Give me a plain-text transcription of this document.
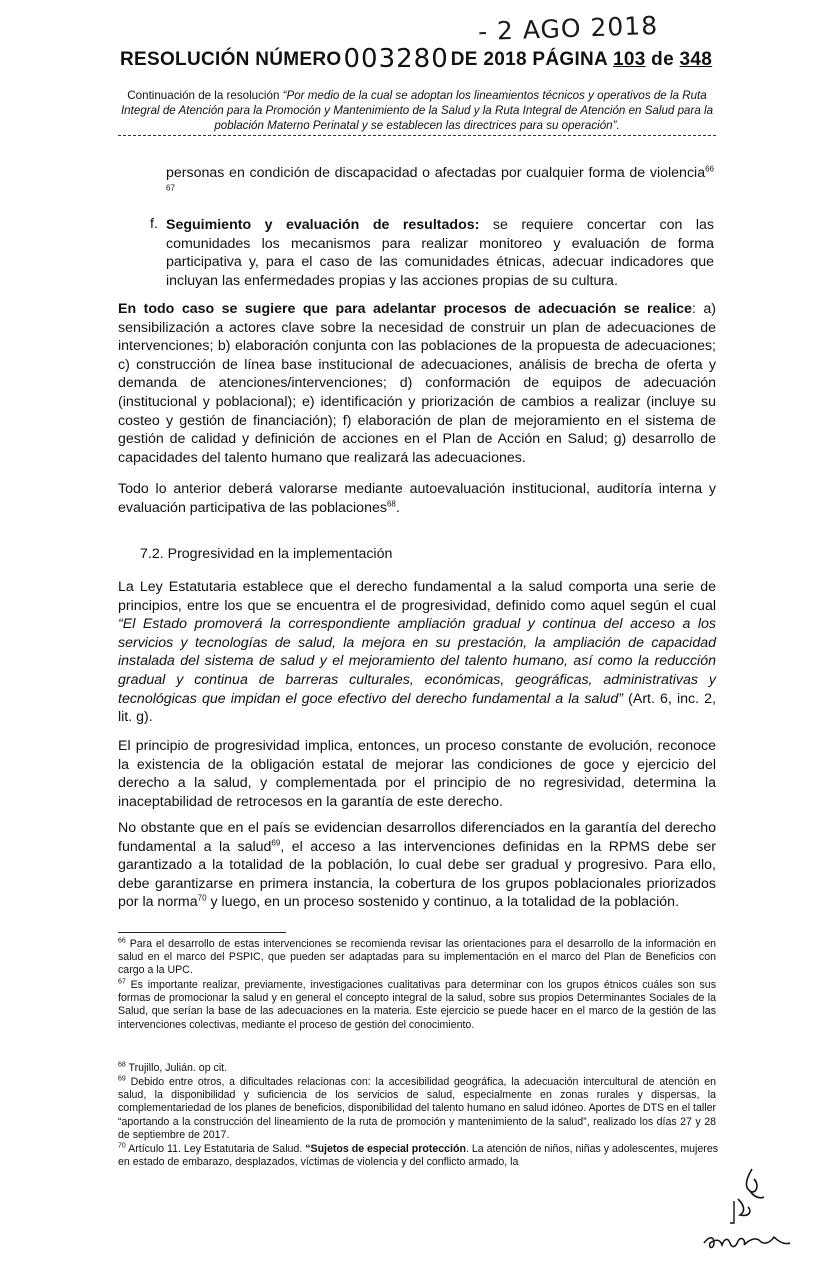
- 2 AGO 2018
RESOLUCIÓN NÚMERO003280 DE 2018 PÁGINA 103 de 348
Continuación de la resolución “Por medio de la cual se adoptan los lineamientos técnicos y operativos de la Ruta Integral de Atención para la Promoción y Mantenimiento de la Salud y la Ruta Integral de Atención en Salud para la población Materno Perinatal y se establecen las directrices para su operación”.

personas en condición de discapacidad o afectadas por cualquier forma de violencia$^{66 67}$

f. Seguimiento y evaluación de resultados: se requiere concertar con las comunidades los mecanismos para realizar monitoreo y evaluación de forma participativa y, para el caso de las comunidades étnicas, adecuar indicadores que incluyan las enfermedades propias y las acciones propias de su cultura.

En todo caso se sugiere que para adelantar procesos de adecuación se realice: a) sensibilización a actores clave sobre la necesidad de construir un plan de adecuaciones de intervenciones; b) elaboración conjunta con las poblaciones de la propuesta de adecuaciones; c) construcción de línea base institucional de adecuaciones, análisis de brecha de oferta y demanda de atenciones/intervenciones; d) conformación de equipos de adecuación (institucional y poblacional); e) identificación y priorización de cambios a realizar (incluye su costeo y gestión de financiación); f) elaboración de plan de mejoramiento en el sistema de gestión de calidad y definición de acciones en el Plan de Acción en Salud; g) desarrollo de capacidades del talento humano que realizará las adecuaciones.

Todo lo anterior deberá valorarse mediante autoevaluación institucional, auditoría interna y evaluación participativa de las poblaciones$^{68}$.

7.2. Progresividad en la implementación

La Ley Estatutaria establece que el derecho fundamental a la salud comporta una serie de principios, entre los que se encuentra el de progresividad, definido como aquel según el cual “El Estado promoverá la correspondiente ampliación gradual y continua del acceso a los servicios y tecnologías de salud, la mejora en su prestación, la ampliación de capacidad instalada del sistema de salud y el mejoramiento del talento humano, así como la reducción gradual y continua de barreras culturales, económicas, geográficas, administrativas y tecnológicas que impidan el goce efectivo del derecho fundamental a la salud” (Art. 6, inc. 2, lit. g).

El principio de progresividad implica, entonces, un proceso constante de evolución, reconoce la existencia de la obligación estatal de mejorar las condiciones de goce y ejercicio del derecho a la salud, y complementada por el principio de no regresividad, determina la inaceptabilidad de retrocesos en la garantía de este derecho.

No obstante que en el país se evidencian desarrollos diferenciados en la garantía del derecho fundamental a la salud$^{69}$, el acceso a las intervenciones definidas en la RPMS debe ser garantizado a la totalidad de la población, lo cual debe ser gradual y progresivo. Para ello, debe garantizarse en primera instancia, la cobertura de los grupos poblacionales priorizados por la norma$^{70}$ y luego, en un proceso sostenido y continuo, a la totalidad de la población.

$^{66}$ Para el desarrollo de estas intervenciones se recomienda revisar las orientaciones para el desarrollo de la información en salud en el marco del PSPIC, que pueden ser adaptadas para su implementación en el marco del Plan de Beneficios con cargo a la UPC.

$^{67}$ Es importante realizar, previamente, investigaciones cualitativas para determinar con los grupos étnicos cuáles son sus formas de promocionar la salud y en general el concepto integral de la salud, sobre sus propios Determinantes Sociales de la Salud, que serían la base de las adecuaciones en la materia. Este ejercicio se puede hacer en el marco de la gestión de las intervenciones colectivas, mediante el proceso de gestión del conocimiento.

$^{68}$ Trujillo, Julián. op cit.

$^{69}$ Debido entre otros, a dificultades relacionas con: la accesibilidad geográfica, la adecuación intercultural de atención en salud, la disponibilidad y suficiencia de los servicios de salud, especialmente en zonas rurales y dispersas, la complementariedad de los planes de beneficios, disponibilidad del talento humano en salud idóneo. Aportes de DTS en el taller “aportando a la construcción del lineamiento de la ruta de promoción y mantenimiento de la salud”, realizado los días 27 y 28 de septiembre de 2017.

$^{70}$ Artículo 11. Ley Estatutaria de Salud. “Sujetos de especial protección. La atención de niños, niñas y adolescentes, mujeres en estado de embarazo, desplazados, víctimas de violencia y del conflicto armado, la
